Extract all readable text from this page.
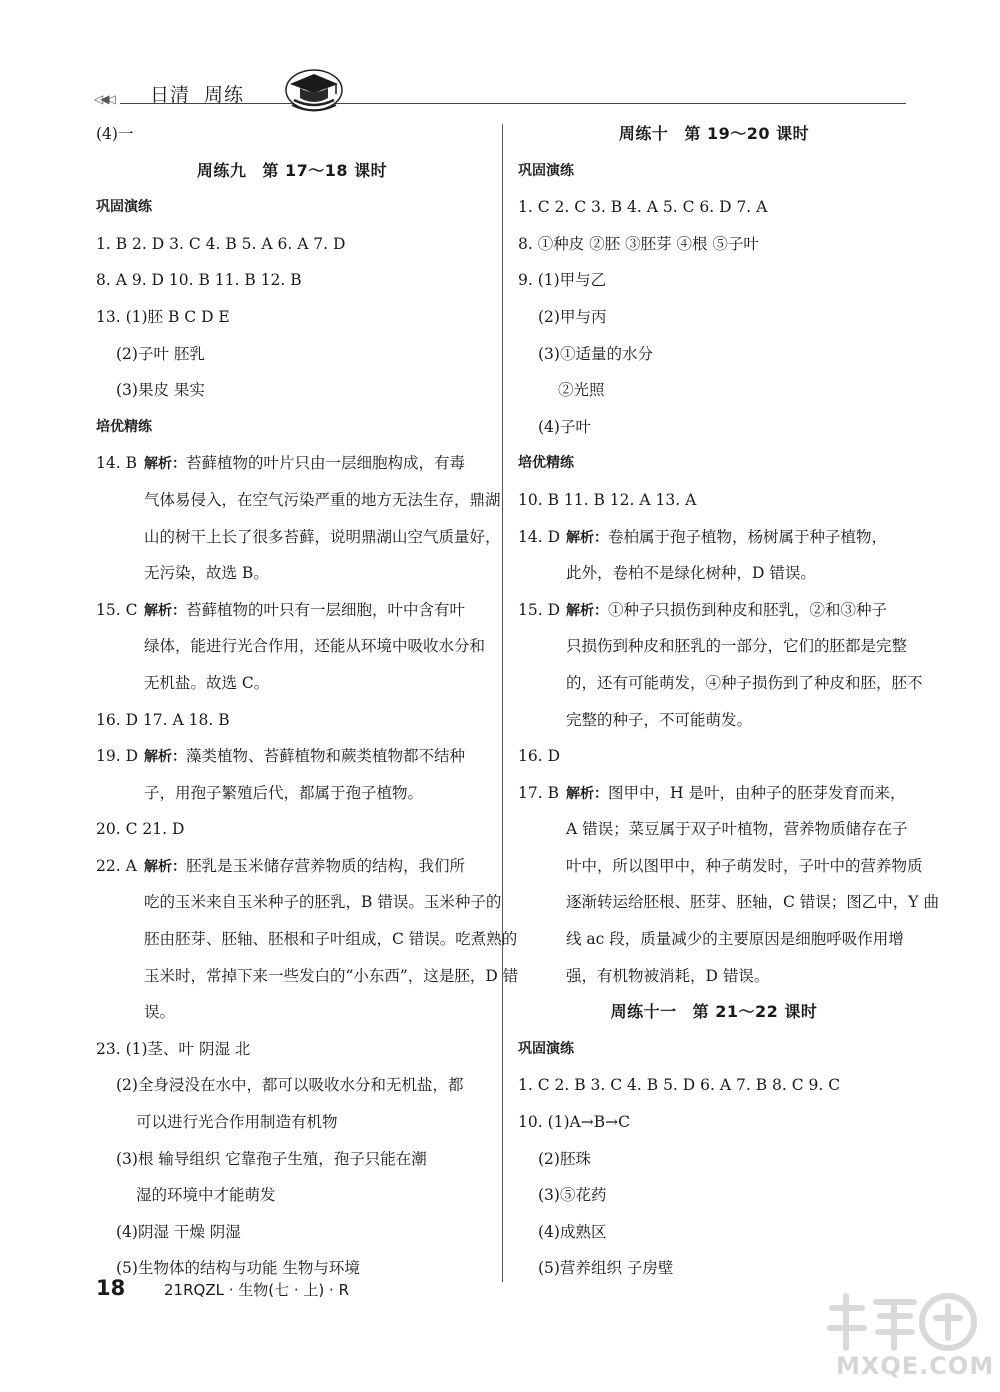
◁◀◁ 日清 周练
(4)一
周练九 第 17～18 课时
巩固演练
1. B 2. D 3. C 4. B 5. A 6. A 7. D
8. A 9. D 10. B 11. B 12. B
13. (1)胚 B C D E
(2)子叶 胚乳
(3)果皮 果实
培优精练
14. B 解析：苔藓植物的叶片只由一层细胞构成，有毒
气体易侵入，在空气污染严重的地方无法生存，鼎湖
山的树干上长了很多苔藓，说明鼎湖山空气质量好，
无污染，故选 B。
15. C 解析：苔藓植物的叶只有一层细胞，叶中含有叶
绿体，能进行光合作用，还能从环境中吸收水分和
无机盐。故选 C。
16. D 17. A 18. B
19. D 解析：藻类植物、苔藓植物和蕨类植物都不结种
子，用孢子繁殖后代，都属于孢子植物。
20. C 21. D
22. A 解析：胚乳是玉米储存营养物质的结构，我们所
吃的玉米来自玉米种子的胚乳，B 错误。玉米种子的
胚由胚芽、胚轴、胚根和子叶组成，C 错误。吃煮熟的
玉米时，常掉下来一些发白的“小东西”，这是胚，D 错
误。
23. (1)茎、叶 阴湿 北
(2)全身浸没在水中，都可以吸收水分和无机盐，都
可以进行光合作用制造有机物
(3)根 输导组织 它靠孢子生殖，孢子只能在潮
湿的环境中才能萌发
(4)阴湿 干燥 阴湿
(5)生物体的结构与功能 生物与环境
周练十 第 19～20 课时
巩固演练
1. C 2. C 3. B 4. A 5. C 6. D 7. A
8. ①种皮 ②胚 ③胚芽 ④根 ⑤子叶
9. (1)甲与乙
(2)甲与丙
(3)①适量的水分
②光照
(4)子叶
培优精练
10. B 11. B 12. A 13. A
14. D 解析：卷柏属于孢子植物，杨树属于种子植物，
此外，卷柏不是绿化树种，D 错误。
15. D 解析：①种子只损伤到种皮和胚乳，②和③种子
只损伤到种皮和胚乳的一部分，它们的胚都是完整
的，还有可能萌发，④种子损伤到了种皮和胚，胚不
完整的种子，不可能萌发。
16. D
17. B 解析：图甲中，H 是叶，由种子的胚芽发育而来，
A 错误；菜豆属于双子叶植物，营养物质储存在子
叶中，所以图甲中，种子萌发时，子叶中的营养物质
逐渐转运给胚根、胚芽、胚轴，C 错误；图乙中，Y 曲
线 ac 段，质量减少的主要原因是细胞呼吸作用增
强，有机物被消耗，D 错误。
周练十一 第 21～22 课时
巩固演练
1. C 2. B 3. C 4. B 5. D 6. A 7. B 8. C 9. C
10. (1)A→B→C
(2)胚珠
(3)⑤花药
(4)成熟区
(5)营养组织 子房壁
18	21RQZL · 生物(七 · 上) · R
MXQE.COM
